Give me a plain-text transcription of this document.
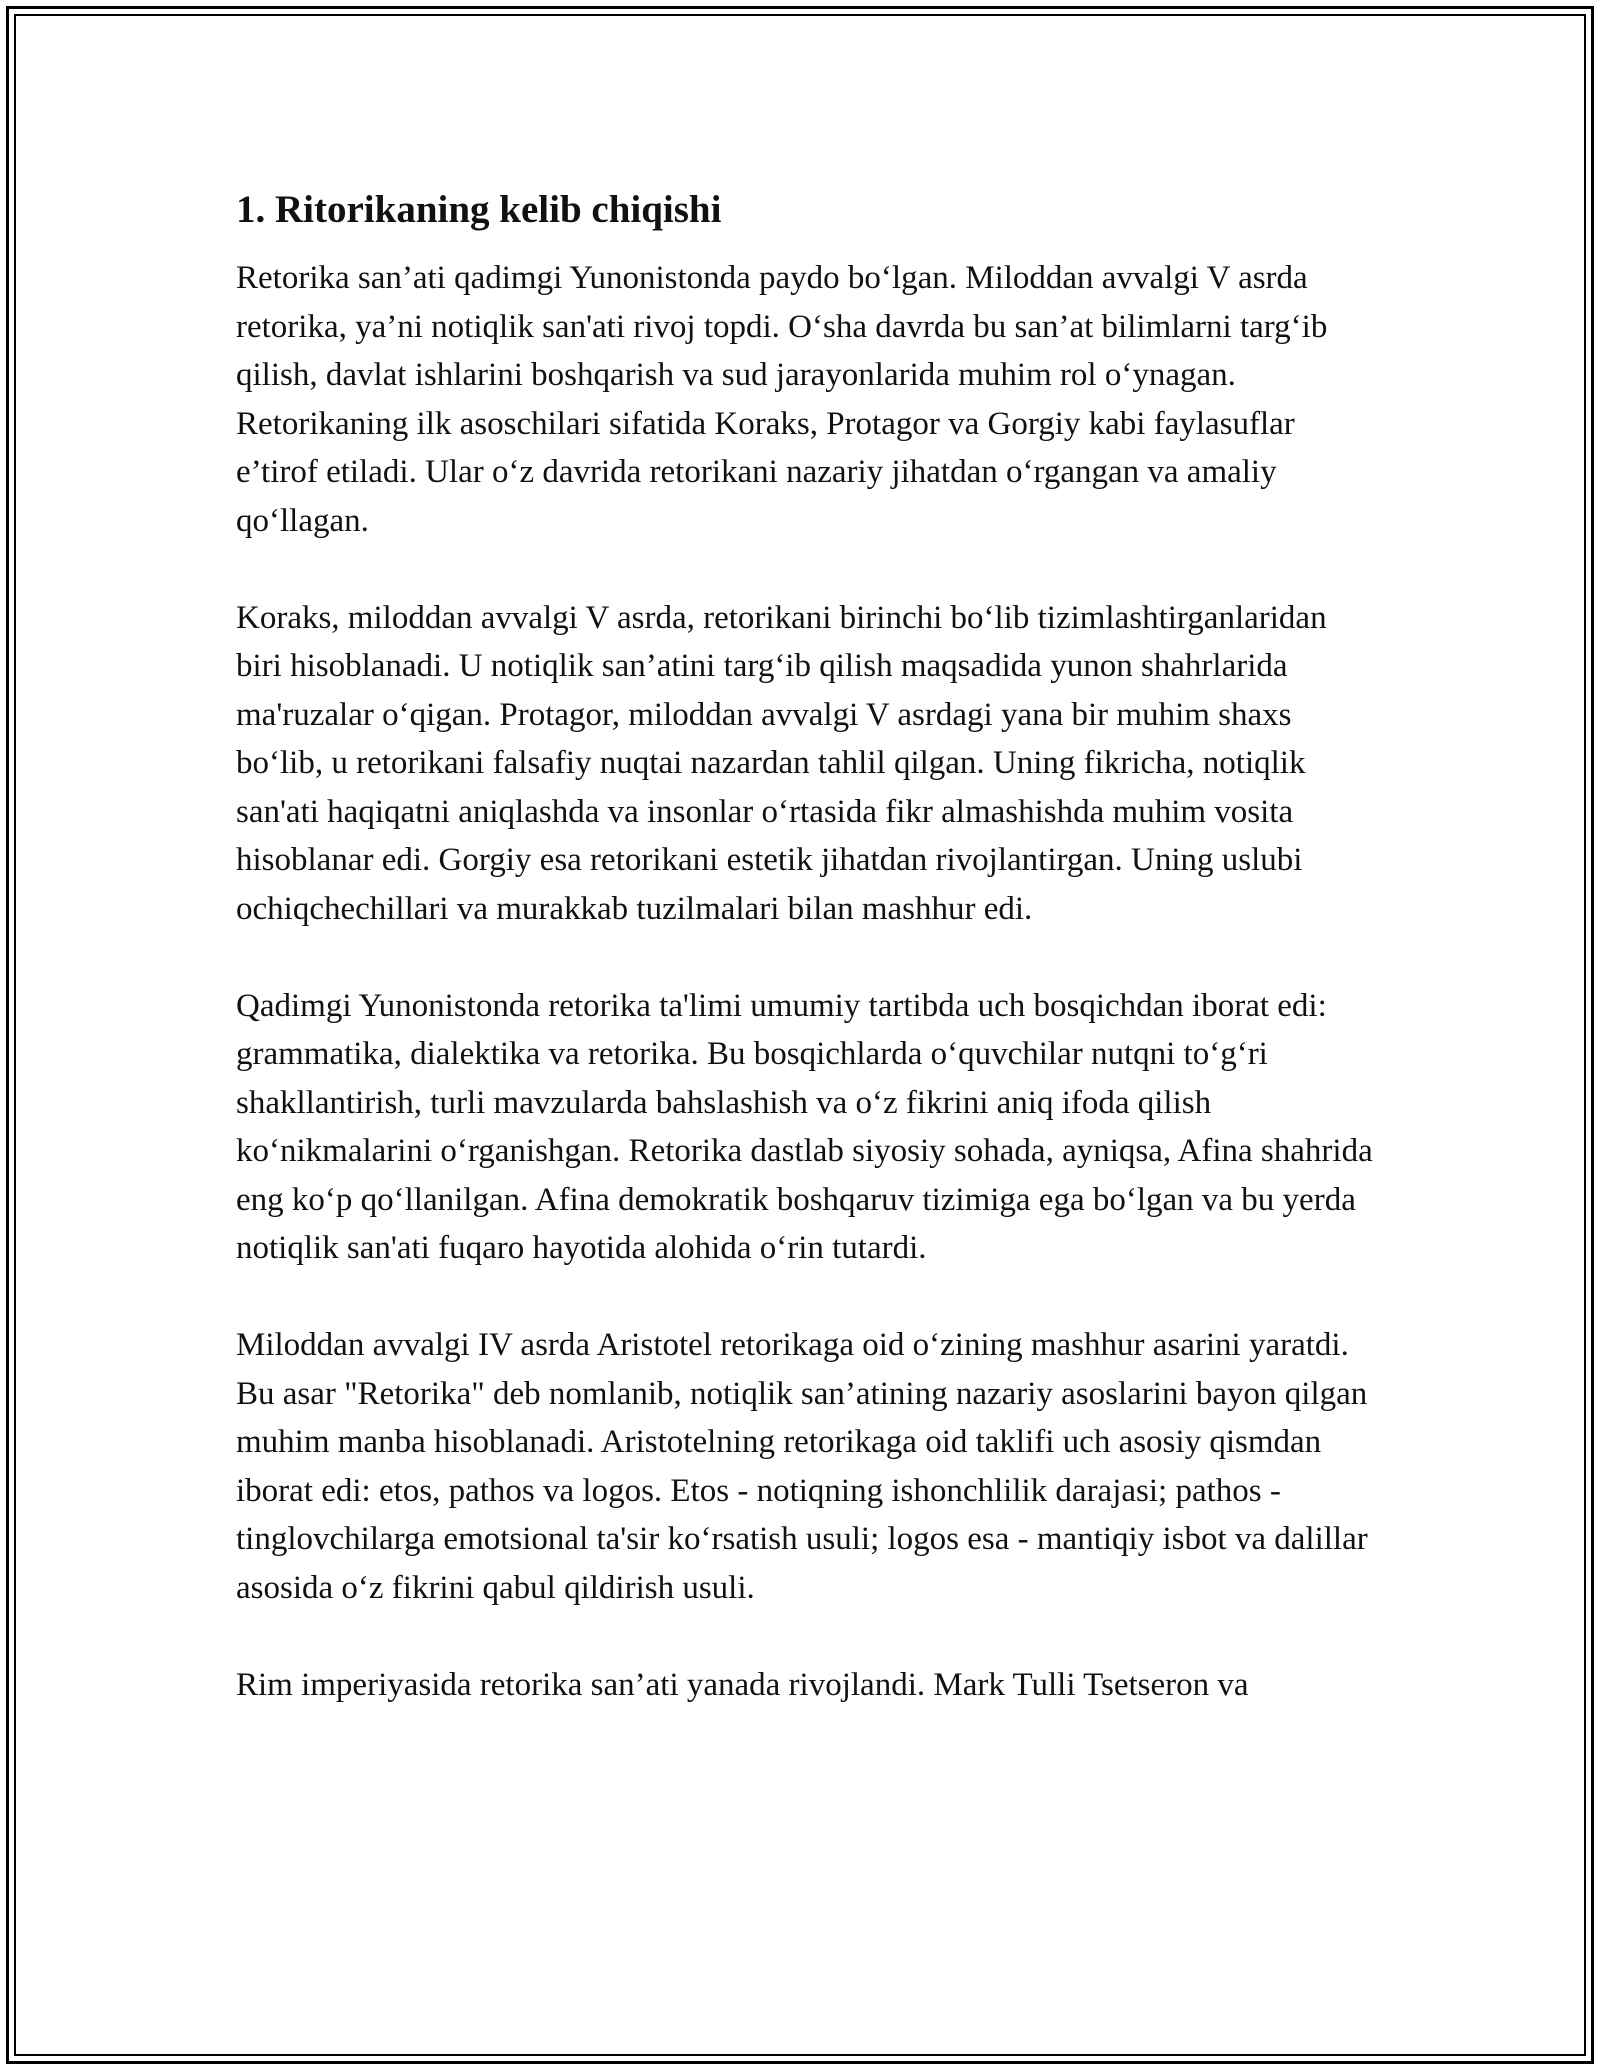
1. Ritorikaning kelib chiqishi

Retorika san’ati qadimgi Yunonistonda paydo bo‘lgan. Miloddan avvalgi V asrda retorika, ya’ni notiqlik san'ati rivoj topdi. O‘sha davrda bu san’at bilimlarni targ‘ib qilish, davlat ishlarini boshqarish va sud jarayonlarida muhim rol o‘ynagan. Retorikaning ilk asoschilari sifatida Koraks, Protagor va Gorgiy kabi faylasuflar e’tirof etiladi. Ular o‘z davrida retorikani nazariy jihatdan o‘rgangan va amaliy qo‘llagan.

Koraks, miloddan avvalgi V asrda, retorikani birinchi bo‘lib tizimlashtirganlaridan biri hisoblanadi. U notiqlik san’atini targ‘ib qilish maqsadida yunon shahrlarida ma'ruzalar o‘qigan. Protagor, miloddan avvalgi V asrdagi yana bir muhim shaxs bo‘lib, u retorikani falsafiy nuqtai nazardan tahlil qilgan. Uning fikricha, notiqlik san'ati haqiqatni aniqlashda va insonlar o‘rtasida fikr almashishda muhim vosita hisoblanar edi. Gorgiy esa retorikani estetik jihatdan rivojlantirgan. Uning uslubi ochiqchechillari va murakkab tuzilmalari bilan mashhur edi.

Qadimgi Yunonistonda retorika ta'limi umumiy tartibda uch bosqichdan iborat edi: grammatika, dialektika va retorika. Bu bosqichlarda o‘quvchilar nutqni to‘g‘ri shakllantirish, turli mavzularda bahslashish va o‘z fikrini aniq ifoda qilish ko‘nikmalarini o‘rganishgan. Retorika dastlab siyosiy sohada, ayniqsa, Afina shahrida eng ko‘p qo‘llanilgan. Afina demokratik boshqaruv tizimiga ega bo‘lgan va bu yerda notiqlik san'ati fuqaro hayotida alohida o‘rin tutardi.

Miloddan avvalgi IV asrda Aristotel retorikaga oid o‘zining mashhur asarini yaratdi. Bu asar "Retorika" deb nomlanib, notiqlik san’atining nazariy asoslarini bayon qilgan muhim manba hisoblanadi. Aristotelning retorikaga oid taklifi uch asosiy qismdan iborat edi: etos, pathos va logos. Etos - notiqning ishonchlilik darajasi; pathos - tinglovchilarga emotsional ta'sir ko‘rsatish usuli; logos esa - mantiqiy isbot va dalillar asosida o‘z fikrini qabul qildirish usuli.

Rim imperiyasida retorika san’ati yanada rivojlandi. Mark Tulli Tsetseron va
